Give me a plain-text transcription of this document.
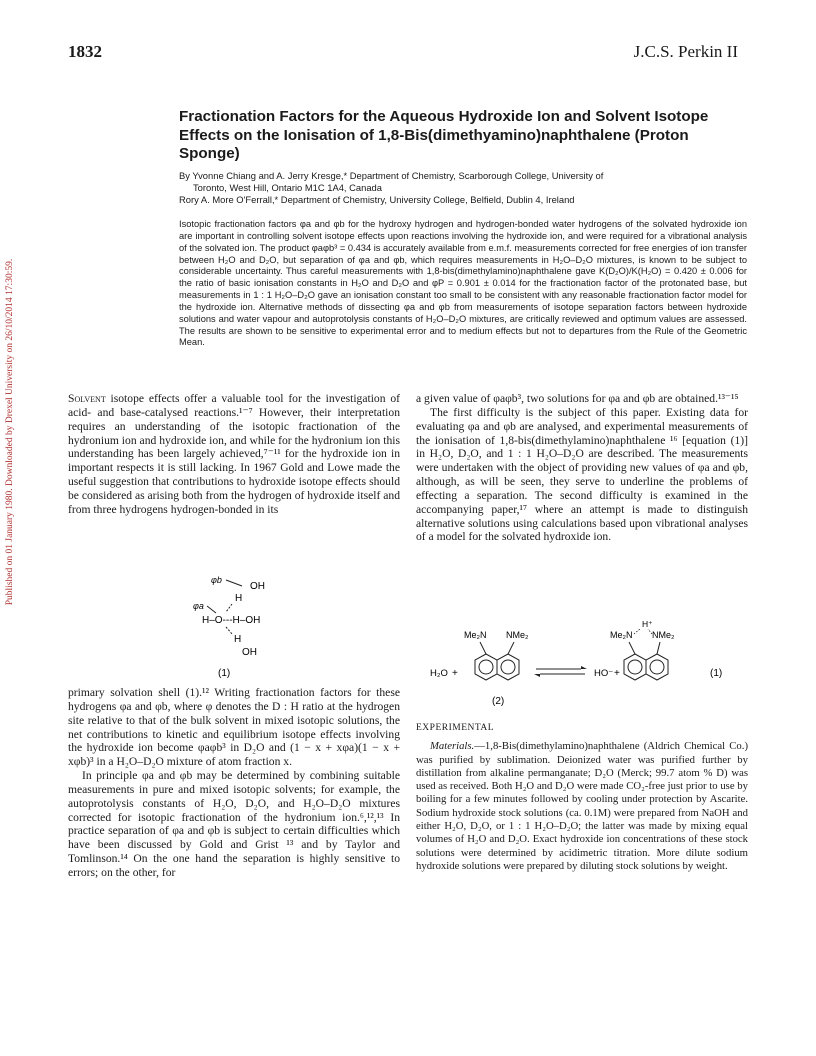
Published on 01 January 1980. Downloaded by Drexel University on 26/10/2014 17:30:59.
1832	J.C.S. Perkin II
Fractionation Factors for the Aqueous Hydroxide Ion and Solvent Isotope Effects on the Ionisation of 1,8-Bis(dimethyamino)naphthalene (Proton Sponge)

By Yvonne Chiang and A. Jerry Kresge,* Department of Chemistry, Scarborough College, University of

Toronto, West Hill, Ontario M1C 1A4, Canada

Rory A. More O'Ferrall,* Department of Chemistry, University College, Belfield, Dublin 4, Ireland

Isotopic fractionation factors φa and φb for the hydroxy hydrogen and hydrogen-bonded water hydrogens of the solvated hydroxide ion are important in controlling solvent isotope effects upon reactions involving the hydroxide ion, and were required for a vibrational analysis of the solvated ion. The product φaφb³ = 0.434 is accurately available from e.m.f. measurements corrected for free energies of ion transfer between H₂O and D₂O, but separation of φa and φb, which requires measurements in H₂O–D₂O mixtures, is known to be subject to considerable uncertainty. Thus careful measurements with 1,8-bis(dimethylamino)naphthalene gave K(D₂O)/K(H₂O) = 0.420 ± 0.006 for the ratio of basic ionisation constants in H₂O and D₂O and φP = 0.901 ± 0.014 for the fractionation factor of the protonated base, but measurements in 1 : 1 H₂O–D₂O gave an ionisation constant too small to be consistent with any reasonable fractionation factor model for the hydroxide ion. Alternative methods of dissecting φa and φb from measurements of isotope separation factors between hydroxide solutions and water vapour and autoprotolysis constants of H₂O–D₂O mixtures, are critically reviewed and optimum values are assessed. The results are shown to be sensitive to experimental error and to medium effects but not to departures from the Rule of the Geometric Mean.

Solvent isotope effects offer a valuable tool for the investigation of acid- and base-catalysed reactions.¹⁻⁷ However, their interpretation requires an understanding of the isotopic fractionation of the hydronium ion and hydroxide ion, and while for the hydronium ion this understanding has been largely achieved,⁷⁻¹¹ for the hydroxide ion in important respects it is still lacking. In 1967 Gold and Lowe made the useful suggestion that contributions to hydroxide isotope effects should be considered as arising both from the hydrogen of hydroxide itself and from three hydrogens hydrogen-bonded in its

φb
OH
H
φa
H–O---H–OH
H
OH
(1)

primary solvation shell (1).¹² Writing fractionation factors for these hydrogens φa and φb, where φ denotes the D : H ratio at the hydrogen site relative to that of the bulk solvent in mixed isotopic solutions, the net contributions to kinetic and equilibrium isotope effects involving the hydroxide ion become φaφb³ in D₂O and (1 − x + xφa)(1 − x + xφb)³ in a H₂O–D₂O mixture of atom fraction x.

In principle φa and φb may be determined by combining suitable measurements in pure and mixed isotopic solvents; for example, the autoprotolysis constants of H₂O, D₂O, and H₂O–D₂O mixtures corrected for isotopic fractionation of the hydronium ion.⁶,¹²,¹³ In practice separation of φa and φb is subject to certain difficulties which have been discussed by Gold and Grist ¹³ and by Taylor and Tomlinson.¹⁴ On the one hand the separation is highly sensitive to errors; on the other, for

a given value of φaφb³, two solutions for φa and φb are obtained.¹³⁻¹⁵

The first difficulty is the subject of this paper. Existing data for evaluating φa and φb are analysed, and experimental measurements of the ionisation of 1,8-bis(dimethylamino)naphthalene ¹⁶ [equation (1)] in H₂O, D₂O, and 1 : 1 H₂O–D₂O are described. The measurements were undertaken with the object of providing new values of φa and φb, although, as will be seen, they serve to underline the problems of effecting a separation. The second difficulty is examined in the accompanying paper,¹⁷ where an attempt is made to distinguish alternative solutions using calculations based upon vibrational analyses of a model for the solvated hydroxide ion.

Me₂N NMe₂
H₂O +	HO⁻ +
H⁺
Me₂N NMe₂
(1)
(2)

EXPERIMENTAL

Materials.—1,8-Bis(dimethylamino)naphthalene (Aldrich Chemical Co.) was purified by sublimation. Deionized water was purified further by distillation from alkaline permanganate; D₂O (Merck; 99.7 atom % D) was used as received. Both H₂O and D₂O were made CO₂-free just prior to use by boiling for a few minutes followed by cooling under protection by Ascarite. Sodium hydroxide stock solutions (ca. 0.1M) were prepared from NaOH and either H₂O, D₂O, or 1 : 1 H₂O–D₂O; the latter was made by mixing equal volumes of H₂O and D₂O. Exact hydroxide ion concentrations of these stock solutions were determined by acidimetric titration. More dilute sodium hydroxide solutions were prepared by diluting stock solutions by weight.
